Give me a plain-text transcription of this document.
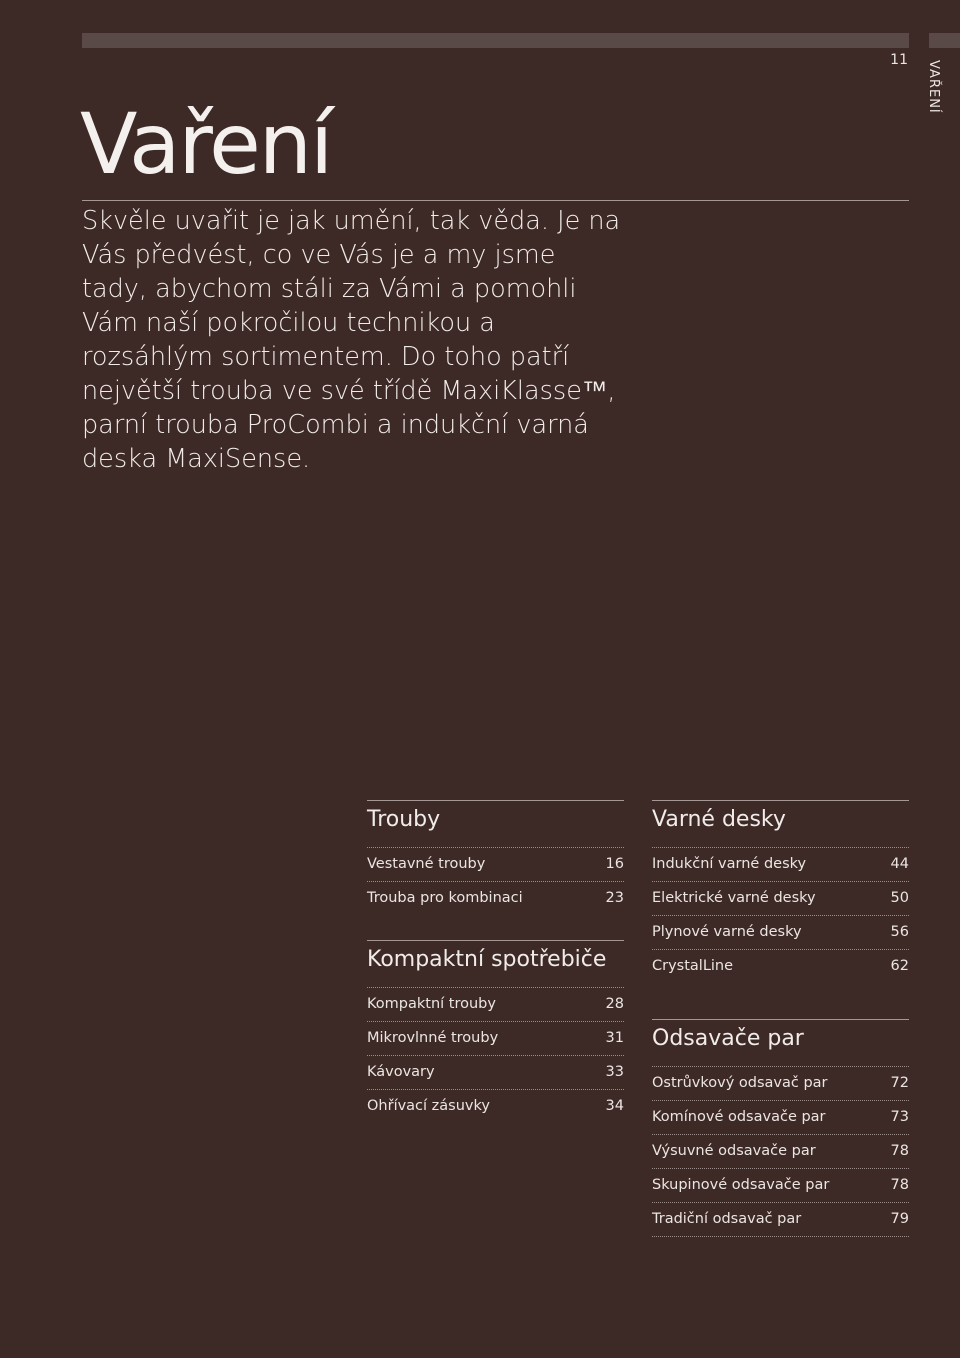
Vaření
11 VAŘENÍ

Skvěle uvařit je jak umění, tak věda. Je na Vás předvést, co ve Vás je a my jsme tady, abychom stáli za Vámi a pomohli Vám naší pokročilou technikou a rozsáhlým sortimentem. Do toho patří největší trouba ve své třídě MaxiKlasse™, parní trouba ProCombi a indukční varná deska MaxiSense.

Trouby
Vestavné trouby	16
Trouba pro kombinaci	23
Kompaktní spotřebiče
Kompaktní trouby	28
Mikrovlnné trouby	31
Kávovary	33
Ohřívací zásuvky	34
Varné desky
Indukční varné desky	44
Elektrické varné desky	50
Plynové varné desky	56
CrystalLine	62
Odsavače par
Ostrůvkový odsavač par	72
Komínové odsavače par	73
Výsuvné odsavače par	78
Skupinové odsavače par	78
Tradiční odsavač par	79
